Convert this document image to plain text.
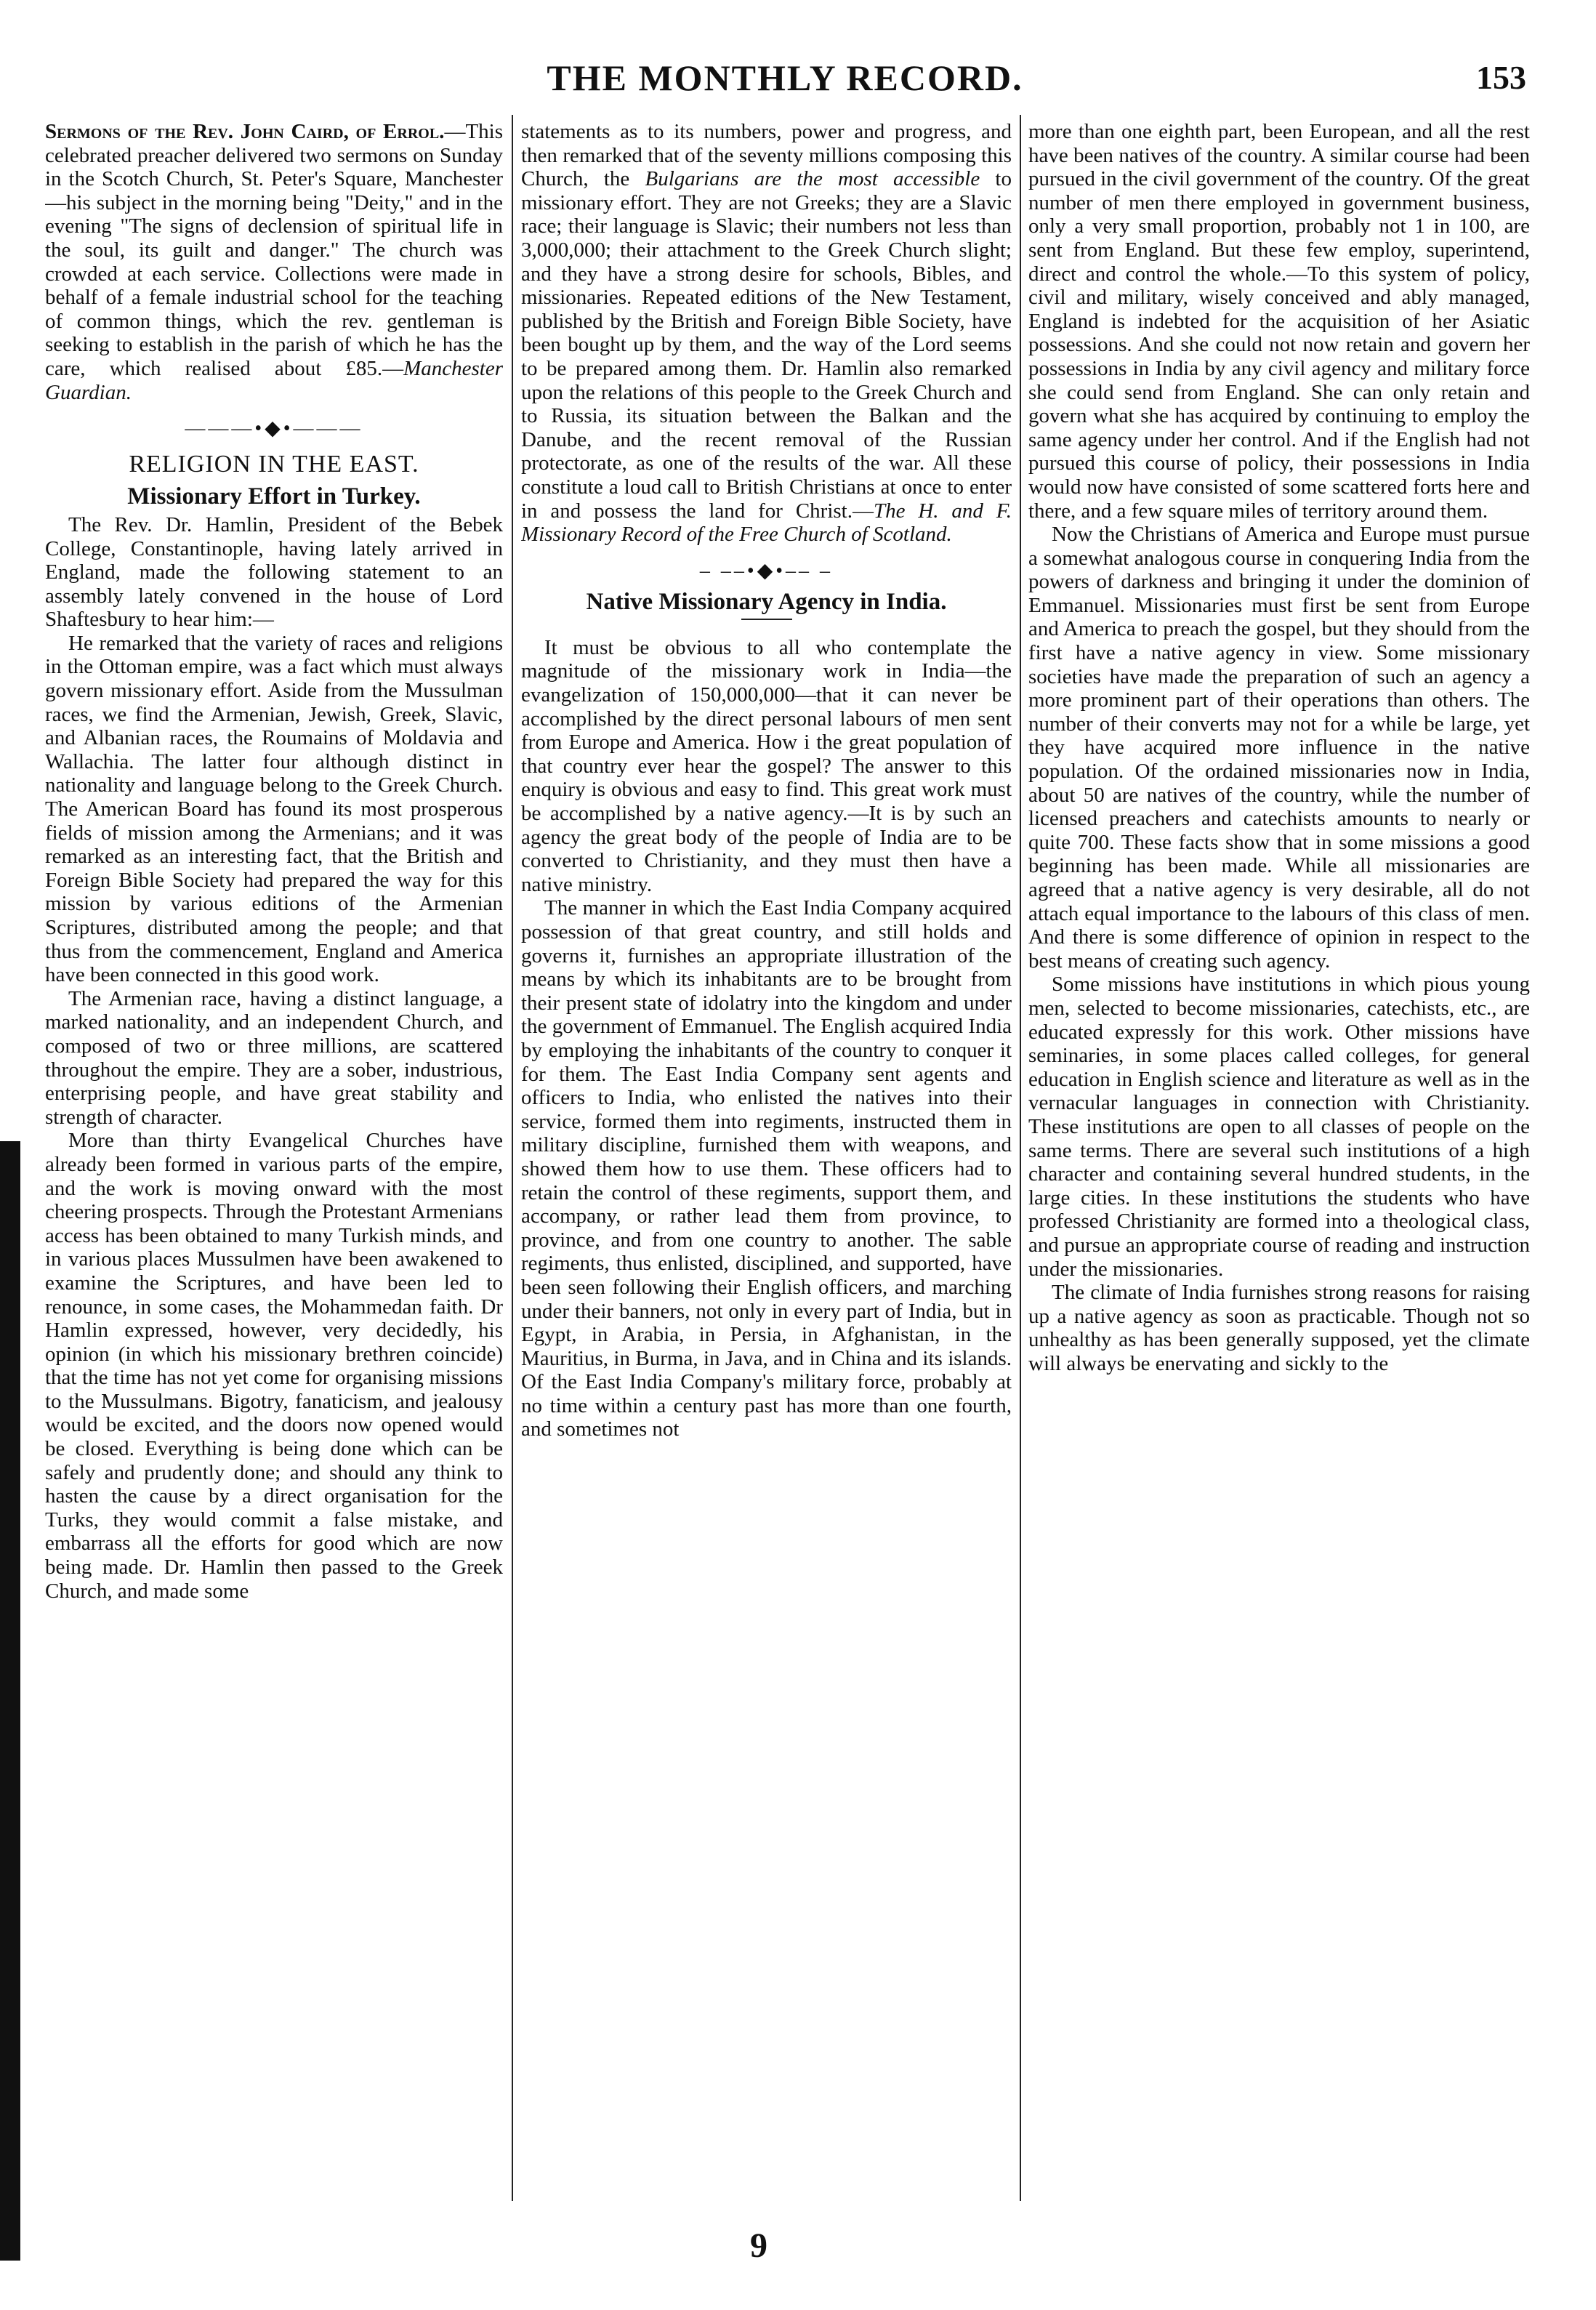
THE MONTHLY RECORD.	153

Sermons of the Rev. John Caird, of Errol.—This celebrated preacher delivered two sermons on Sunday in the Scotch Church, St. Peter's Square, Manchester—his subject in the morning being "Deity," and in the evening "The signs of declension of spiritual life in the soul, its guilt and danger." The church was crowded at each service. Collections were made in behalf of a female industrial school for the teaching of common things, which the rev. gentleman is seeking to establish in the parish of which he has the care, which realised about £85.—Manchester Guardian.

———•◆•———
RELIGION IN THE EAST.
Missionary Effort in Turkey.

The Rev. Dr. Hamlin, President of the Bebek College, Constantinople, having lately arrived in England, made the following statement to an assembly lately convened in the house of Lord Shaftesbury to hear him:—

He remarked that the variety of races and religions in the Ottoman empire, was a fact which must always govern missionary effort. Aside from the Mussulman races, we find the Armenian, Jewish, Greek, Slavic, and Albanian races, the Roumains of Moldavia and Wallachia. The latter four although distinct in nationality and language belong to the Greek Church. The American Board has found its most prosperous fields of mission among the Armenians; and it was remarked as an interesting fact, that the British and Foreign Bible Society had prepared the way for this mission by various editions of the Armenian Scriptures, distributed among the people; and that thus from the commencement, England and America have been connected in this good work.

The Armenian race, having a distinct language, a marked nationality, and an independent Church, and composed of two or three millions, are scattered throughout the empire. They are a sober, industrious, enterprising people, and have great stability and strength of character.

More than thirty Evangelical Churches have already been formed in various parts of the empire, and the work is moving onward with the most cheering prospects. Through the Protestant Armenians access has been obtained to many Turkish minds, and in various places Mussulmen have been awakened to examine the Scriptures, and have been led to renounce, in some cases, the Mohammedan faith. Dr Hamlin expressed, however, very decidedly, his opinion (in which his missionary brethren coincide) that the time has not yet come for organising missions to the Mussulmans. Bigotry, fanaticism, and jealousy would be excited, and the doors now opened would be closed. Everything is being done which can be safely and prudently done; and should any think to hasten the cause by a direct organisation for the Turks, they would commit a false mistake, and embarrass all the efforts for good which are now being made. Dr. Hamlin then passed to the Greek Church, and made some

statements as to its numbers, power and progress, and then remarked that of the seventy millions composing this Church, the Bulgarians are the most accessible to missionary effort. They are not Greeks; they are a Slavic race; their language is Slavic; their numbers not less than 3,000,000; their attachment to the Greek Church slight; and they have a strong desire for schools, Bibles, and missionaries. Repeated editions of the New Testament, published by the British and Foreign Bible Society, have been bought up by them, and the way of the Lord seems to be prepared among them. Dr. Hamlin also remarked upon the relations of this people to the Greek Church and to Russia, its situation between the Balkan and the Danube, and the recent removal of the Russian protectorate, as one of the results of the war. All these constitute a loud call to British Christians at once to enter in and possess the land for Christ.—The H. and F. Missionary Record of the Free Church of Scotland.

– ––•◆•–– –
Native Missionary Agency in India.

It must be obvious to all who contemplate the magnitude of the missionary work in India—the evangelization of 150,000,000—that it can never be accomplished by the direct personal labours of men sent from Europe and America. How i the great population of that country ever hear the gospel? The answer to this enquiry is obvious and easy to find. This great work must be accomplished by a native agency.—It is by such an agency the great body of the people of India are to be converted to Christianity, and they must then have a native ministry.

The manner in which the East India Company acquired possession of that great country, and still holds and governs it, furnishes an appropriate illustration of the means by which its inhabitants are to be brought from their present state of idolatry into the kingdom and under the government of Emmanuel. The English acquired India by employing the inhabitants of the country to conquer it for them. The East India Company sent agents and officers to India, who enlisted the natives into their service, formed them into regiments, instructed them in military discipline, furnished them with weapons, and showed them how to use them. These officers had to retain the control of these regiments, support them, and accompany, or rather lead them from province, to province, and from one country to another. The sable regiments, thus enlisted, disciplined, and supported, have been seen following their English officers, and marching under their banners, not only in every part of India, but in Egypt, in Arabia, in Persia, in Afghanistan, in the Mauritius, in Burma, in Java, and in China and its islands. Of the East India Company's military force, probably at no time within a century past has more than one fourth, and sometimes not

more than one eighth part, been European, and all the rest have been natives of the country. A similar course had been pursued in the civil government of the country. Of the great number of men there employed in government business, only a very small proportion, probably not 1 in 100, are sent from England. But these few employ, superintend, direct and control the whole.—To this system of policy, civil and military, wisely conceived and ably managed, England is indebted for the acquisition of her Asiatic possessions. And she could not now retain and govern her possessions in India by any civil agency and military force she could send from England. She can only retain and govern what she has acquired by continuing to employ the same agency under her control. And if the English had not pursued this course of policy, their possessions in India would now have consisted of some scattered forts here and there, and a few square miles of territory around them.

Now the Christians of America and Europe must pursue a somewhat analogous course in conquering India from the powers of darkness and bringing it under the dominion of Emmanuel. Missionaries must first be sent from Europe and America to preach the gospel, but they should from the first have a native agency in view. Some missionary societies have made the preparation of such an agency a more prominent part of their operations than others. The number of their converts may not for a while be large, yet they have acquired more influence in the native population. Of the ordained missionaries now in India, about 50 are natives of the country, while the number of licensed preachers and catechists amounts to nearly or quite 700. These facts show that in some missions a good beginning has been made. While all missionaries are agreed that a native agency is very desirable, all do not attach equal importance to the labours of this class of men. And there is some difference of opinion in respect to the best means of creating such agency.

Some missions have institutions in which pious young men, selected to become missionaries, catechists, etc., are educated expressly for this work. Other missions have seminaries, in some places called colleges, for general education in English science and literature as well as in the vernacular languages in connection with Christianity. These institutions are open to all classes of people on the same terms. There are several such institutions of a high character and containing several hundred students, in the large cities. In these institutions the students who have professed Christianity are formed into a theological class, and pursue an appropriate course of reading and instruction under the missionaries.

The climate of India furnishes strong reasons for raising up a native agency as soon as practicable. Though not so unhealthy as has been generally supposed, yet the climate will always be enervating and sickly to the

9
